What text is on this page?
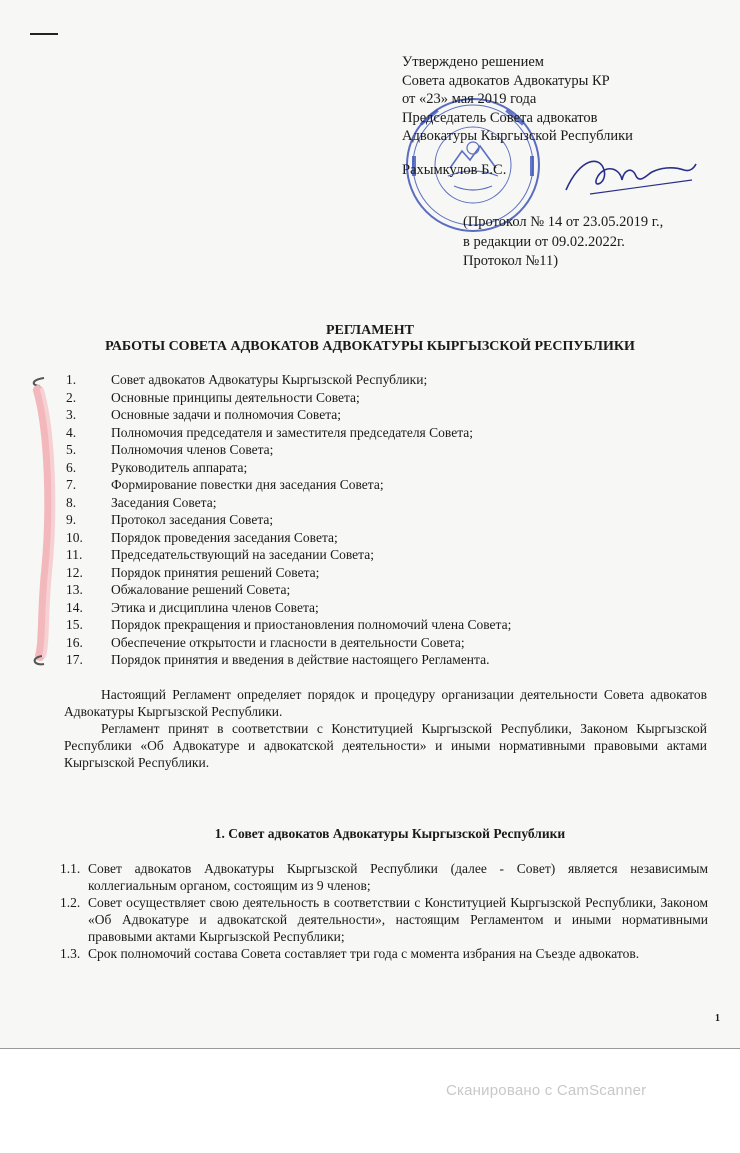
Утверждено решением
Совета адвокатов Адвокатуры КР
от «23» мая 2019 года
Председатель Совета адвокатов
Адвокатуры Кыргызской Республики
Рахымкулов Б.С.
(Протокол № 14 от 23.05.2019 г.,
в редакции от 09.02.2022г.
Протокол №11)
РЕГЛАМЕНТ
РАБОТЫ СОВЕТА АДВОКАТОВ АДВОКАТУРЫ КЫРГЫЗСКОЙ РЕСПУБЛИКИ
1.	Совет адвокатов Адвокатуры Кыргызской Республики;
2.	Основные принципы деятельности Совета;
3.	Основные задачи и полномочия Совета;
4.	Полномочия председателя и заместителя председателя Совета;
5.	Полномочия членов Совета;
6.	Руководитель аппарата;
7.	Формирование повестки дня заседания Совета;
8.	Заседания Совета;
9.	Протокол заседания Совета;
10. Порядок проведения заседания Совета;
11. Председательствующий на заседании Совета;
12. Порядок принятия решений Совета;
13. Обжалование решений Совета;
14. Этика и дисциплина членов Совета;
15. Порядок прекращения и приостановления полномочий члена Совета;
16. Обеспечение открытости и гласности в деятельности Совета;
17. Порядок принятия и введения в действие настоящего Регламента.

Настоящий Регламент определяет порядок и процедуру организации деятельности Совета адвокатов Адвокатуры Кыргызской Республики.

Регламент принят в соответствии с Конституцией Кыргызской Республики, Законом Кыргызской Республики «Об Адвокатуре и адвокатской деятельности» и иными нормативными правовыми актами Кыргызской Республики.

1. Совет адвокатов Адвокатуры Кыргызской Республики
1.1. Совет адвокатов Адвокатуры Кыргызской Республики (далее - Совет) является независимым коллегиальным органом, состоящим из 9 членов;
1.2. Совет осуществляет свою деятельность в соответствии с Конституцией Кыргызской Республики, Законом «Об Адвокатуре и адвокатской деятельности», настоящим Регламентом и иными нормативными правовыми актами Кыргызской Республики;
1.3. Срок полномочий состава Совета составляет три года с момента избрания на Съезде адвокатов.
1
Сканировано с CamScanner
